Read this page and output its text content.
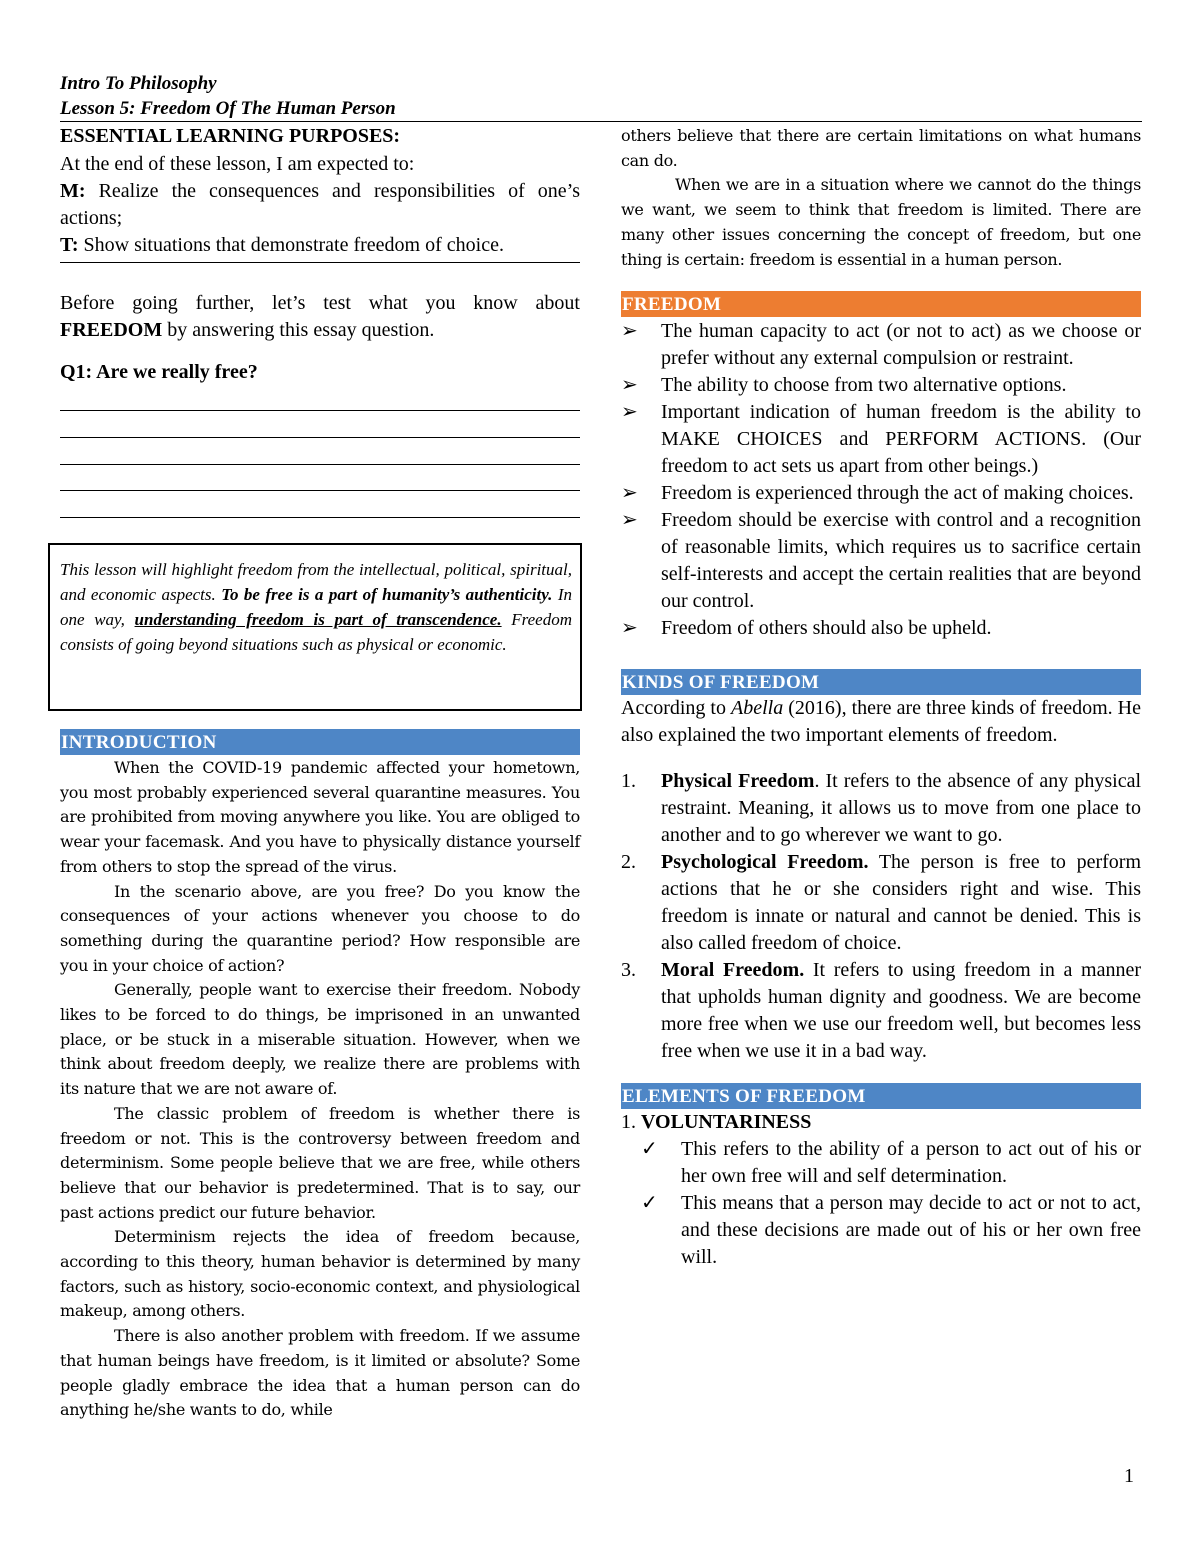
Intro To Philosophy
Lesson 5: Freedom Of The Human Person
ESSENTIAL LEARNING PURPOSES:
At the end of these lesson, I am expected to:
M: Realize the consequences and responsibilities of one’s actions;
T: Show situations that demonstrate freedom of choice.
Before going further, let’s test what you know about FREEDOM by answering this essay question.
Q1: Are we really free?
This lesson will highlight freedom from the intellectual, political, spiritual, and economic aspects. To be free is a part of humanity’s authenticity. In one way, understanding freedom is part of transcendence. Freedom consists of going beyond situations such as physical or economic.
INTRODUCTION

When the COVID-19 pandemic affected your hometown, you most probably experienced several quarantine measures. You are prohibited from moving anywhere you like. You are obliged to wear your facemask. And you have to physically distance yourself from others to stop the spread of the virus.

In the scenario above, are you free? Do you know the consequences of your actions whenever you choose to do something during the quarantine period? How responsible are you in your choice of action?

Generally, people want to exercise their freedom. Nobody likes to be forced to do things, be imprisoned in an unwanted place, or be stuck in a miserable situation. However, when we think about freedom deeply, we realize there are problems with its nature that we are not aware of.

The classic problem of freedom is whether there is freedom or not. This is the controversy between freedom and determinism. Some people believe that we are free, while others believe that our behavior is predetermined. That is to say, our past actions predict our future behavior.

Determinism rejects the idea of freedom because, according to this theory, human behavior is determined by many factors, such as history, socio-economic context, and physiological makeup, among others.

There is also another problem with freedom. If we assume that human beings have freedom, is it limited or absolute? Some people gladly embrace the idea that a human person can do anything he/she wants to do, while

others believe that there are certain limitations on what humans can do.

When we are in a situation where we cannot do the things we want, we seem to think that freedom is limited. There are many other issues concerning the concept of freedom, but one thing is certain: freedom is essential in a human person.

FREEDOM
➢	The human capacity to act (or not to act) as we choose or prefer without any external compulsion or restraint.
➢	The ability to choose from two alternative options.
➢	Important indication of human freedom is the ability to MAKE CHOICES and PERFORM ACTIONS. (Our freedom to act sets us apart from other beings.)
➢	Freedom is experienced through the act of making choices.
➢	Freedom should be exercise with control and a recognition of reasonable limits, which requires us to sacrifice certain self-interests and accept the certain realities that are beyond our control.
➢	Freedom of others should also be upheld.
KINDS OF FREEDOM
According to Abella (2016), there are three kinds of freedom. He also explained the two important elements of freedom.
1. Physical Freedom. It refers to the absence of any physical restraint. Meaning, it allows us to move from one place to another and to go wherever we want to go.
2. Psychological Freedom. The person is free to perform actions that he or she considers right and wise. This freedom is innate or natural and cannot be denied. This is also called freedom of choice.
3. Moral Freedom. It refers to using freedom in a manner that upholds human dignity and goodness. We are become more free when we use our freedom well, but becomes less free when we use it in a bad way.
ELEMENTS OF FREEDOM
1. VOLUNTARINESS
✓ This refers to the ability of a person to act out of his or her own free will and self determination.
✓ This means that a person may decide to act or not to act, and these decisions are made out of his or her own free will.
1
